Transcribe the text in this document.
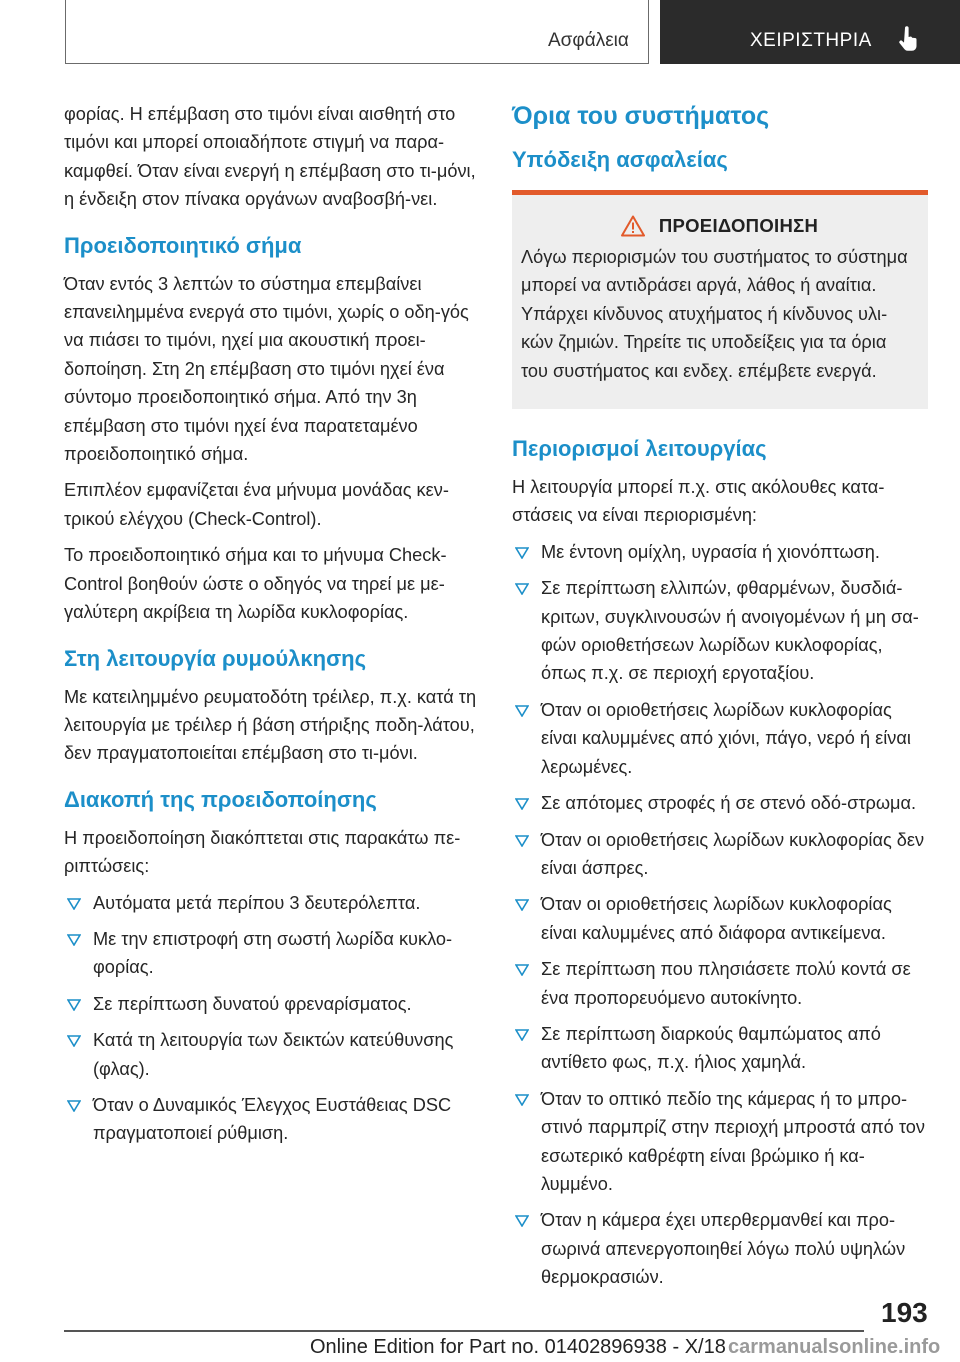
Ασφάλεια	ΧΕΙΡΙΣΤΗΡΙΑ

φορίας. Η επέμβαση στο τιμόνι είναι αισθητή στο τιμόνι και μπορεί οποιαδήποτε στιγμή να παρα-καμφθεί. Όταν είναι ενεργή η επέμβαση στο τι-μόνι, η ένδειξη στον πίνακα οργάνων αναβοσβή-νει.

Προειδοποιητικό σήμα

Όταν εντός 3 λεπτών το σύστημα επεμβαίνει επανειλημμένα ενεργά στο τιμόνι, χωρίς ο οδη-γός να πιάσει το τιμόνι, ηχεί μια ακουστική προει-δοποίηση. Στη 2η επέμβαση στο τιμόνι ηχεί ένα σύντομο προειδοποιητικό σήμα. Από την 3η επέμβαση στο τιμόνι ηχεί ένα παρατεταμένο προειδοποιητικό σήμα.

Επιπλέον εμφανίζεται ένα μήνυμα μονάδας κεν-τρικού ελέγχου (Check-Control).

Το προειδοποιητικό σήμα και το μήνυμα Check-Control βοηθούν ώστε ο οδηγός να τηρεί με με-γαλύτερη ακρίβεια τη λωρίδα κυκλοφορίας.

Στη λειτουργία ρυμούλκησης

Με κατειλημμένο ρευματοδότη τρέιλερ, π.χ. κατά τη λειτουργία με τρέιλερ ή βάση στήριξης ποδη-λάτου, δεν πραγματοποιείται επέμβαση στο τι-μόνι.

Διακοπή της προειδοποίησης

Η προειδοποίηση διακόπτεται στις παρακάτω πε-ριπτώσεις:

Αυτόματα μετά περίπου 3 δευτερόλεπτα.
Με την επιστροφή στη σωστή λωρίδα κυκλο-φορίας.
Σε περίπτωση δυνατού φρεναρίσματος.
Κατά τη λειτουργία των δεικτών κατεύθυνσης (φλας).
Όταν ο Δυναμικός Έλεγχος Ευστάθειας DSC πραγματοποιεί ρύθμιση.
Όρια του συστήματος
Υπόδειξη ασφαλείας
ΠΡΟΕΙΔΟΠΟΙΗΣΗ

Λόγω περιορισμών του συστήματος το σύστημα μπορεί να αντιδράσει αργά, λάθος ή αναίτια. Υπάρχει κίνδυνος ατυχήματος ή κίνδυνος υλι-κών ζημιών. Τηρείτε τις υποδείξεις για τα όρια του συστήματος και ενδεχ. επέμβετε ενεργά.

Περιορισμοί λειτουργίας

Η λειτουργία μπορεί π.χ. στις ακόλουθες κατα-στάσεις να είναι περιορισμένη:

Με έντονη ομίχλη, υγρασία ή χιονόπτωση.
Σε περίπτωση ελλιπών, φθαρμένων, δυσδιά-κριτων, συγκλινουσών ή ανοιγομένων ή μη σα-φών οριοθετήσεων λωρίδων κυκλοφορίας, όπως π.χ. σε περιοχή εργοταξίου.
Όταν οι οριοθετήσεις λωρίδων κυκλοφορίας είναι καλυμμένες από χιόνι, πάγο, νερό ή είναι λερωμένες.
Σε απότομες στροφές ή σε στενό οδό-στρωμα.
Όταν οι οριοθετήσεις λωρίδων κυκλοφορίας δεν είναι άσπρες.
Όταν οι οριοθετήσεις λωρίδων κυκλοφορίας είναι καλυμμένες από διάφορα αντικείμενα.
Σε περίπτωση που πλησιάσετε πολύ κοντά σε ένα προπορευόμενο αυτοκίνητο.
Σε περίπτωση διαρκούς θαμπώματος από αντίθετο φως, π.χ. ήλιος χαμηλά.
Όταν το οπτικό πεδίο της κάμερας ή το μπρο-στινό παρμπρίζ στην περιοχή μπροστά από τον εσωτερικό καθρέφτη είναι βρώμικο ή κα-λυμμένο.
Όταν η κάμερα έχει υπερθερμανθεί και προ-σωρινά απενεργοποιηθεί λόγω πολύ υψηλών θερμοκρασιών.
193
Online Edition for Part no. 01402896938 - X/18 carmanualsonline.info
